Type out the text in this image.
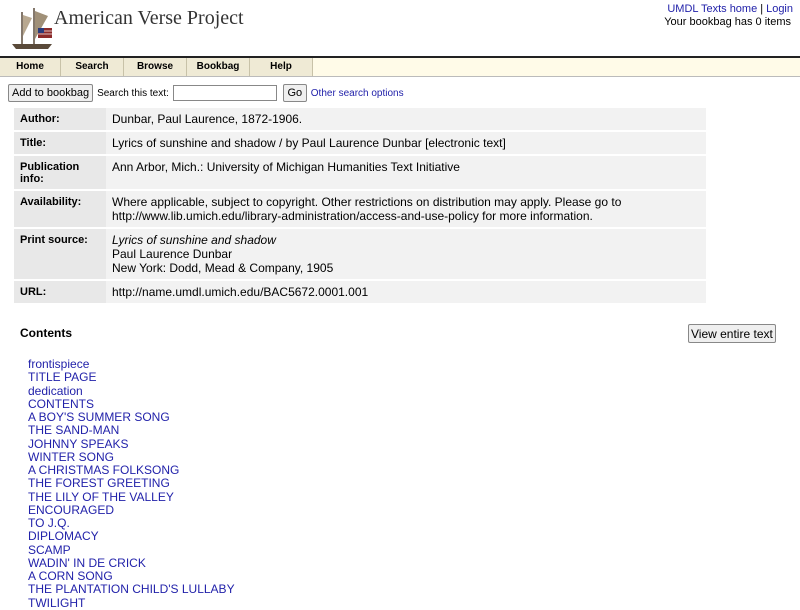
American Verse Project	UMDL Texts home | Login
Your bookbag has 0 items
Home	Search	Browse	Bookbag	Help
Add to bookbag Search this text:	Go Other search options
Author:	Dunbar, Paul Laurence, 1872-1906.
Title:	Lyrics of sunshine and shadow / by Paul Laurence Dunbar [electronic text]
Publication info:	Ann Arbor, Mich.: University of Michigan Humanities Text Initiative
Availability:	Where applicable, subject to copyright. Other restrictions on distribution may apply. Please go to
http://www.lib.umich.edu/library-administration/access-and-use-policy for more information.

Print source:	Lyrics of sunshine and shadow
Paul Laurence Dunbar
New York: Dodd, Mead & Company, 1905

URL:	http://name.umdl.umich.edu/BAC5672.0001.001
Contents	View entire text
frontispiece
TITLE PAGE
dedication
CONTENTS
A BOY'S SUMMER SONG
THE SAND-MAN
JOHNNY SPEAKS
WINTER SONG
A CHRISTMAS FOLKSONG
THE FOREST GREETING
THE LILY OF THE VALLEY
ENCOURAGED
TO J.Q.
DIPLOMACY
SCAMP
WADIN' IN DE CRICK
A CORN SONG
THE PLANTATION CHILD'S LULLABY
TWILIGHT
